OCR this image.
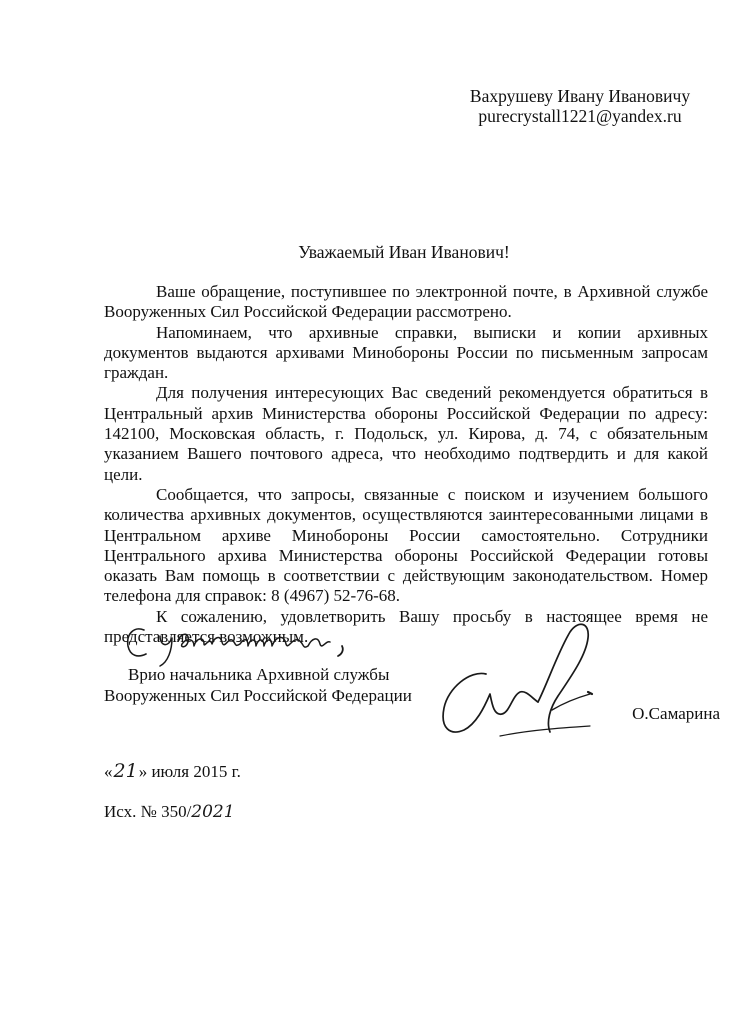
Вахрушеву Ивану Ивановичу
purecrystall1221@yandex.ru
Уважаемый Иван Иванович!

Ваше обращение, поступившее по электронной почте, в Архивной службе Вооруженных Сил Российской Федерации рассмотрено.

Напоминаем, что архивные справки, выписки и копии архивных документов выдаются архивами Минобороны России по письменным запросам граждан.

Для получения интересующих Вас сведений рекомендуется обратиться в Центральный архив Министерства обороны Российской Федерации по адресу: 142100, Московская область, г. Подольск, ул. Кирова, д. 74, с обязательным указанием Вашего почтового адреса, что необходимо подтвердить и для какой цели.

Сообщается, что запросы, связанные с поиском и изучением большого количества архивных документов, осуществляются заинтересованными лицами в Центральном архиве Минобороны России самостоятельно. Сотрудники Центрального архива Министерства обороны Российской Федерации готовы оказать Вам помощь в соответствии с действующим законодательством. Номер телефона для справок: 8 (4967) 52-76-68.

К сожалению, удовлетворить Вашу просьбу в настоящее время не представляется возможным.

Врио начальника Архивной службы
Вооруженных Сил Российской Федерации
О.Самарина
«21» июля 2015 г.
Исх. № 350/2021
